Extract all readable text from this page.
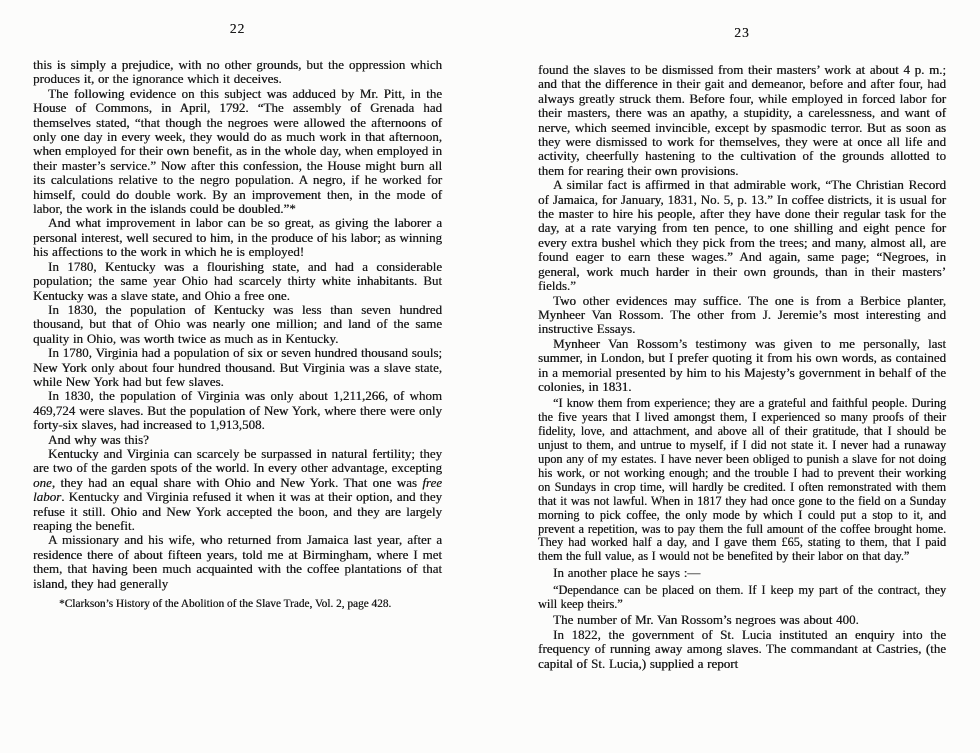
22

this is simply a prejudice, with no other grounds, but the oppression which produces it, or the ignorance which it deceives.

The following evidence on this subject was adduced by Mr. Pitt, in the House of Commons, in April, 1792. “The assembly of Grenada had themselves stated, “that though the negroes were allowed the afternoons of only one day in every week, they would do as much work in that afternoon, when employed for their own benefit, as in the whole day, when employed in their master’s service.” Now after this confession, the House might burn all its calculations relative to the negro population. A negro, if he worked for himself, could do double work. By an improvement then, in the mode of labor, the work in the islands could be doubled.”*

And what improvement in labor can be so great, as giving the laborer a personal interest, well secured to him, in the produce of his labor; as winning his affections to the work in which he is employed!

In 1780, Kentucky was a flourishing state, and had a considerable population; the same year Ohio had scarcely thirty white inhabitants. But Kentucky was a slave state, and Ohio a free one.

In 1830, the population of Kentucky was less than seven hundred thousand, but that of Ohio was nearly one million; and land of the same quality in Ohio, was worth twice as much as in Kentucky.

In 1780, Virginia had a population of six or seven hundred thousand souls; New York only about four hundred thousand. But Virginia was a slave state, while New York had but few slaves.

In 1830, the population of Virginia was only about 1,211,266, of whom 469,724 were slaves. But the population of New York, where there were only forty-six slaves, had increased to 1,913,508.

And why was this?

Kentucky and Virginia can scarcely be surpassed in natural fertility; they are two of the garden spots of the world. In every other advantage, excepting one, they had an equal share with Ohio and New York. That one was free labor. Kentucky and Virginia refused it when it was at their option, and they refuse it still. Ohio and New York accepted the boon, and they are largely reaping the benefit.

A missionary and his wife, who returned from Jamaica last year, after a residence there of about fifteen years, told me at Birmingham, where I met them, that having been much acquainted with the coffee plantations of that island, they had generally

*Clarkson’s History of the Abolition of the Slave Trade, Vol. 2, page 428.

23

found the slaves to be dismissed from their masters’ work at about 4 p. m.; and that the difference in their gait and demeanor, before and after four, had always greatly struck them. Before four, while employed in forced labor for their masters, there was an apathy, a stupidity, a carelessness, and want of nerve, which seemed invincible, except by spasmodic terror. But as soon as they were dismissed to work for themselves, they were at once all life and activity, cheerfully hastening to the cultivation of the grounds allotted to them for rearing their own provisions.

A similar fact is affirmed in that admirable work, “The Christian Record of Jamaica, for January, 1831, No. 5, p. 13.” In coffee districts, it is usual for the master to hire his people, after they have done their regular task for the day, at a rate varying from ten pence, to one shilling and eight pence for every extra bushel which they pick from the trees; and many, almost all, are found eager to earn these wages.” And again, same page; “Negroes, in general, work much harder in their own grounds, than in their masters’ fields.”

Two other evidences may suffice. The one is from a Berbice planter, Mynheer Van Rossom. The other from J. Jeremie’s most interesting and instructive Essays.

Mynheer Van Rossom’s testimony was given to me personally, last summer, in London, but I prefer quoting it from his own words, as contained in a memorial presented by him to his Majesty’s government in behalf of the colonies, in 1831.

“I know them from experience; they are a grateful and faithful people. During the five years that I lived amongst them, I experienced so many proofs of their fidelity, love, and attachment, and above all of their gratitude, that I should be unjust to them, and untrue to myself, if I did not state it. I never had a runaway upon any of my estates. I have never been obliged to punish a slave for not doing his work, or not working enough; and the trouble I had to prevent their working on Sundays in crop time, will hardly be credited. I often remonstrated with them that it was not lawful. When in 1817 they had once gone to the field on a Sunday morning to pick coffee, the only mode by which I could put a stop to it, and prevent a repetition, was to pay them the full amount of the coffee brought home. They had worked half a day, and I gave them £65, stating to them, that I paid them the full value, as I would not be benefited by their labor on that day.”

In another place he says :—

“Dependance can be placed on them. If I keep my part of the contract, they will keep theirs.”

The number of Mr. Van Rossom’s negroes was about 400.

In 1822, the government of St. Lucia instituted an enquiry into the frequency of running away among slaves. The commandant at Castries, (the capital of St. Lucia,) supplied a report
